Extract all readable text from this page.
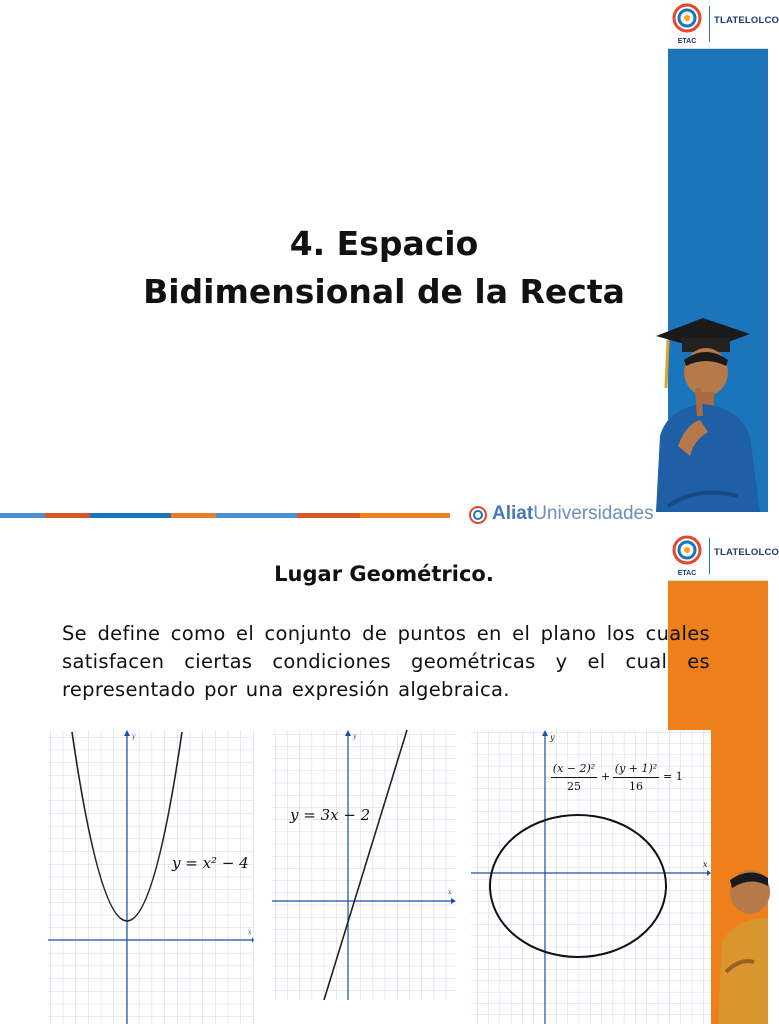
ETAC
TLATELOLCO
4. Espacio
Bidimensional de la Recta
AliatUniversidades
ETAC
TLATELOLCO
Lugar Geométrico.
Se define como el conjunto de puntos en el plano los cuales satisfacen ciertas condiciones geométricas y el cual es representado por una expresión algebraica.
x
y
y = x² − 4
x
y
y = 3x − 2
x
y
(x − 2)²
25
+
(y + 1)²
16
= 1
